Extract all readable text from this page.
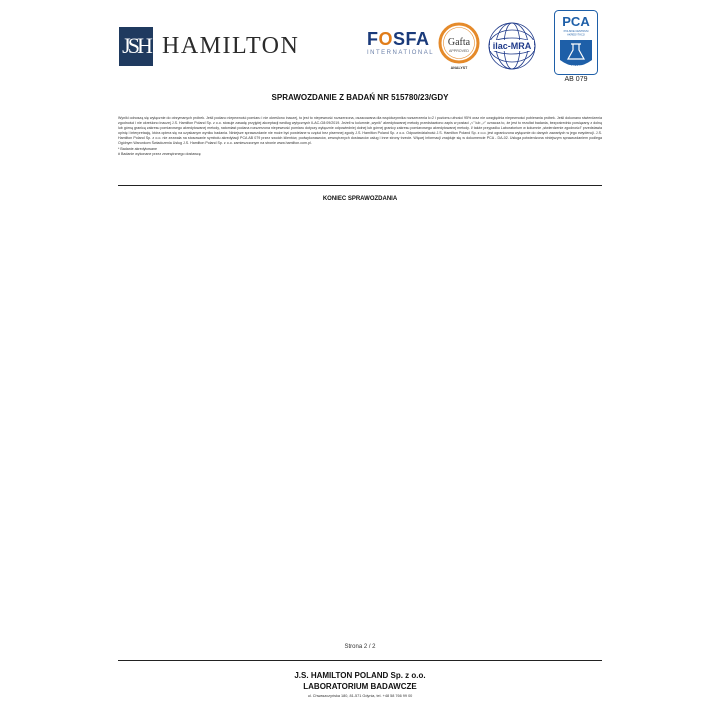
JSH HAMILTON	FOSFA
INTERNATIONAL
Gafta
APPROVED
ANALYST
ilac-MRA
PCA
POLSKIE CENTRUM
AKREDYTACJI
BADANIA
AB 079
SPRAWOZDANIE Z BADAŃ NR 515780/23/GDY

Wyniki odnoszą się wyłącznie do otrzymanych próbek. Jeśli podano niepewność pomiaru i nie określono inaczej, to jest to niepewność rozszerzona, oszacowana dla współczynnika rozszerzenia k=2 i poziomu ufności 95% oraz nie uwzględnia niepewności pobierania próbek. Jeśli dokonano stwierdzenia zgodności i nie określono inaczej J.S. Hamilton Poland Sp. z o.o. stosuje zasadę przyjętej akceptacji według wytycznych ILAC-G8:09/2019. Jeżeli w kolumnie „wynik" akredytowanej metody przedstawiono zapis w postaci „<" lub „>" oznacza to, że jest to rezultat badania, bezpośrednio powiązany z dolną lub górną granicą zakresu pomiarowego akredytowanej metody, natomiast podana rozszerzona niepewność pomiaru dotyczy wyłącznie odpowiedniej dolnej lub górnej granicy zakresu pomiarowego akredytowanej metody. I/ także przypadku Laboratorium w kolumnie „stwierdzenie zgodności" przedstawia opinię i interpretację, która opiera się na uzyskanym wyniku badania. Niniejsze sprawozdanie nie może być powielane w części bez pisemnej zgody J.S. Hamilton Poland Sp. z o.o. Odpowiedzialność J.S. Hamilton Poland Sp. z o.o. jest ograniczona wyłącznie do danych zawartych w jego ewydencji. J.S. Hamilton Poland Sp. z o.o. nie zezwala na stosowanie symbolu akredytacji PCA AB 079 przez swoich klientów, podwykonawców, zewnętrznych dostawców usług i inne strony trzecie. Więcej informacji znajduje się w dokumencie PCA - DA-02. Usługa potwierdzona niniejszym sprawozdaniem podlega Ogólnym Warunkom Świadczenia Usług J.S. Hamilton Poland Sp. z o.o. zamieszczonym na stronie www.hamilton.com.pl.

* Badanie akredytowane

# Badanie wykonane przez zewnętrznego dostawcę

KONIEC SPRAWOZDANIA
Strona 2 / 2
J.S. HAMILTON POLAND Sp. z o.o.
LABORATORIUM BADAWCZE
ul. Chwaszczyńska 180, 81-571 Gdynia, tel. +48 58 766 99 00
